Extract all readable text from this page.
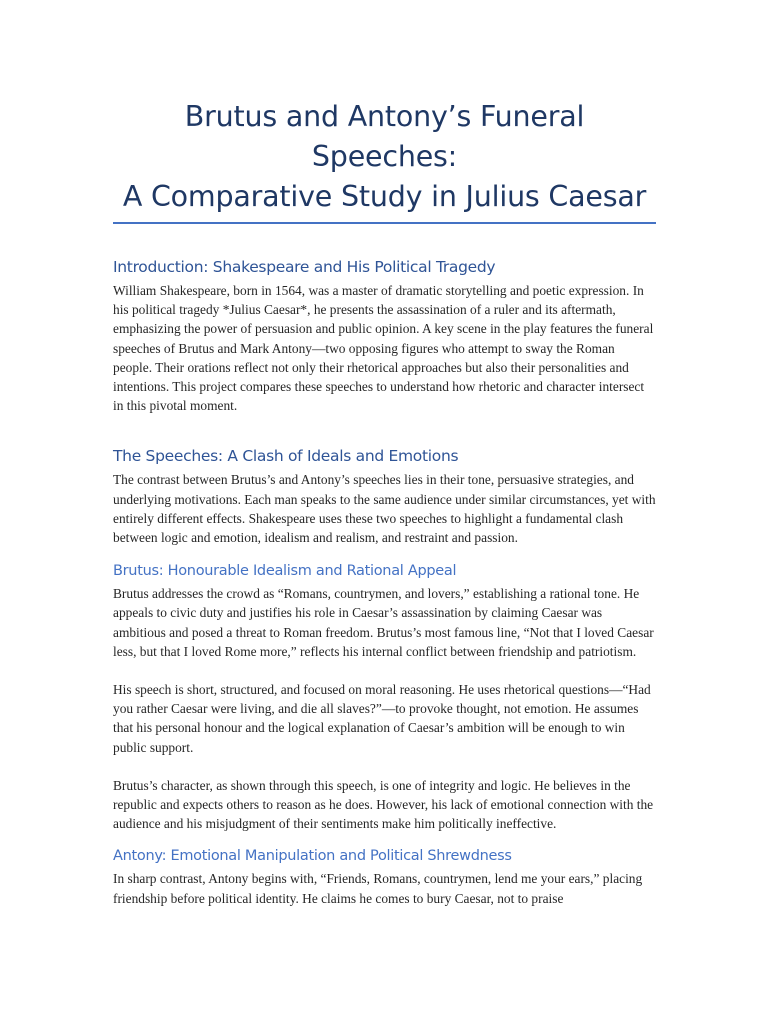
Brutus and Antony’s Funeral Speeches:
A Comparative Study in Julius Caesar
Introduction: Shakespeare and His Political Tragedy

William Shakespeare, born in 1564, was a master of dramatic storytelling and poetic expression. In his political tragedy *Julius Caesar*, he presents the assassination of a ruler and its aftermath, emphasizing the power of persuasion and public opinion. A key scene in the play features the funeral speeches of Brutus and Mark Antony—two opposing figures who attempt to sway the Roman people. Their orations reflect not only their rhetorical approaches but also their personalities and intentions. This project compares these speeches to understand how rhetoric and character intersect in this pivotal moment.

The Speeches: A Clash of Ideals and Emotions

The contrast between Brutus’s and Antony’s speeches lies in their tone, persuasive strategies, and underlying motivations. Each man speaks to the same audience under similar circumstances, yet with entirely different effects. Shakespeare uses these two speeches to highlight a fundamental clash between logic and emotion, idealism and realism, and restraint and passion.

Brutus: Honourable Idealism and Rational Appeal

Brutus addresses the crowd as “Romans, countrymen, and lovers,” establishing a rational tone. He appeals to civic duty and justifies his role in Caesar’s assassination by claiming Caesar was ambitious and posed a threat to Roman freedom. Brutus’s most famous line, “Not that I loved Caesar less, but that I loved Rome more,” reflects his internal conflict between friendship and patriotism.

His speech is short, structured, and focused on moral reasoning. He uses rhetorical questions—“Had you rather Caesar were living, and die all slaves?”—to provoke thought, not emotion. He assumes that his personal honour and the logical explanation of Caesar’s ambition will be enough to win public support.

Brutus’s character, as shown through this speech, is one of integrity and logic. He believes in the republic and expects others to reason as he does. However, his lack of emotional connection with the audience and his misjudgment of their sentiments make him politically ineffective.

Antony: Emotional Manipulation and Political Shrewdness

In sharp contrast, Antony begins with, “Friends, Romans, countrymen, lend me your ears,” placing friendship before political identity. He claims he comes to bury Caesar, not to praise
